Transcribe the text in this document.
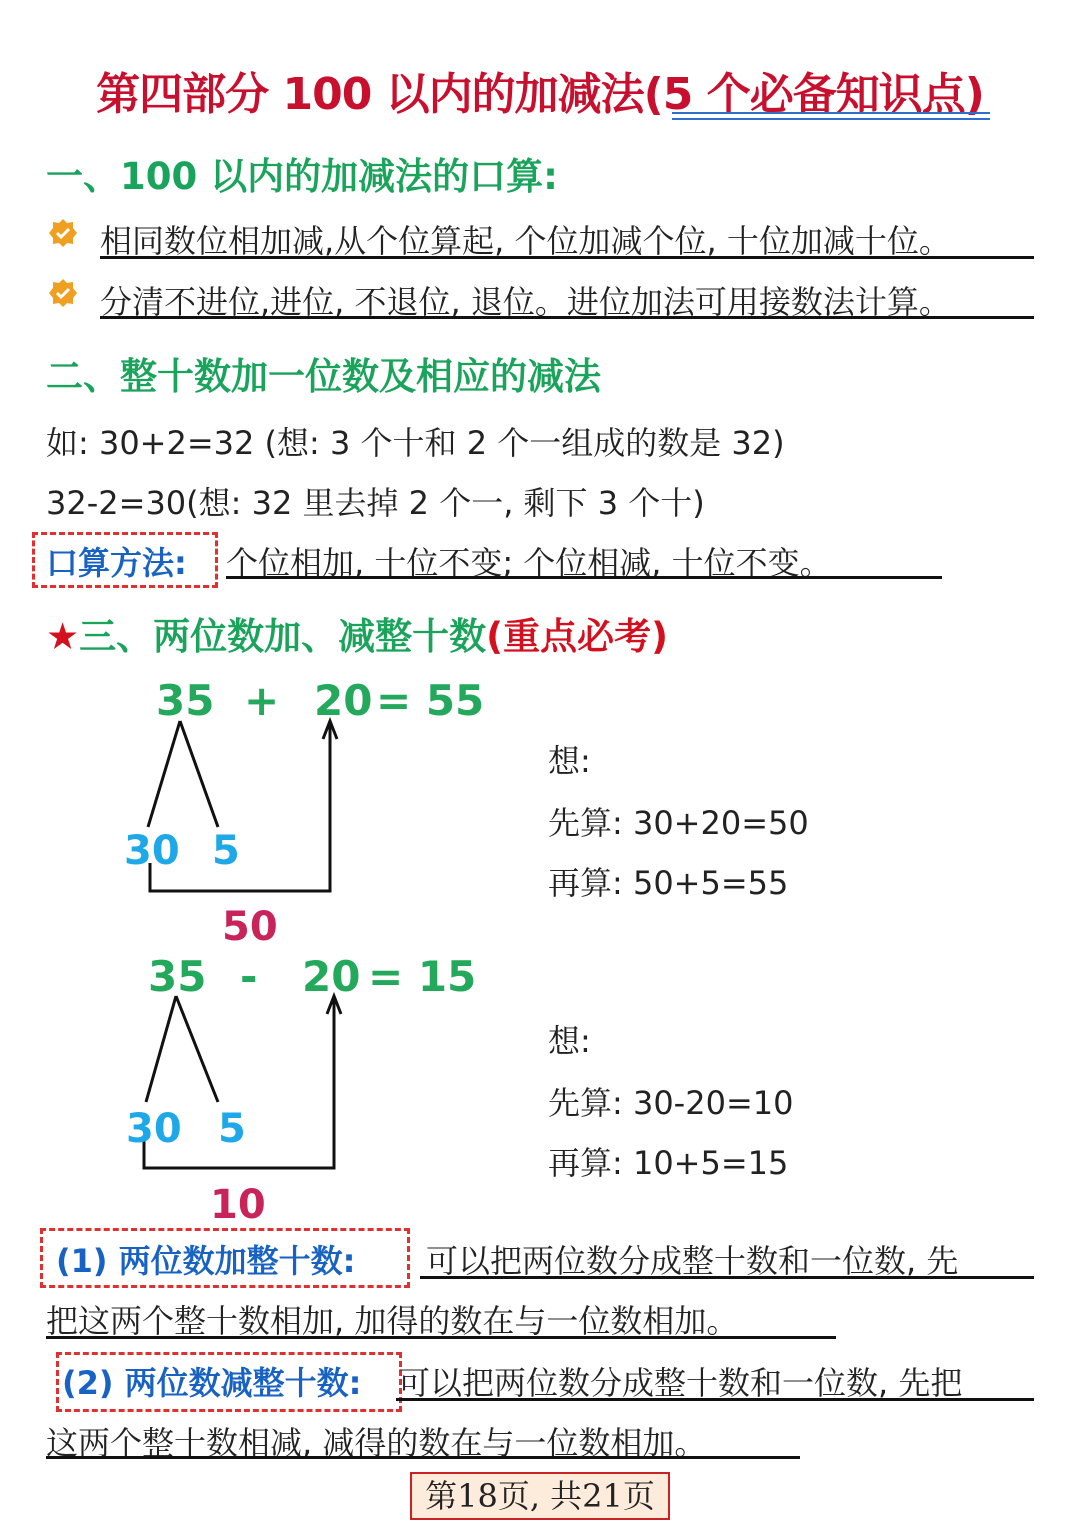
第四部分 100 以内的加减法(5 个必备知识点)
一、100 以内的加减法的口算:
相同数位相加减,从个位算起, 个位加减个位, 十位加减十位。
分清不进位,进位, 不退位, 退位。进位加法可用接数法计算。
二、整十数加一位数及相应的减法
如: 30+2=32 (想: 3 个十和 2 个一组成的数是 32)
32-2=30(想: 32 里去掉 2 个一, 剩下 3 个十)
口算方法: 个位相加, 十位不变; 个位相减, 十位不变。
★三、两位数加、减整十数(重点必考)
35 + 20 = 55
30 5
50
想:
先算: 30+20=50
再算: 50+5=55
35 - 20 = 15
30 5
10
想:
先算: 30-20=10
再算: 10+5=15
(1) 两位数加整十数: 可以把两位数分成整十数和一位数, 先
把这两个整十数相加, 加得的数在与一位数相加。
(2) 两位数减整十数: 可以把两位数分成整十数和一位数, 先把
这两个整十数相减, 减得的数在与一位数相加。
第18页, 共21页
